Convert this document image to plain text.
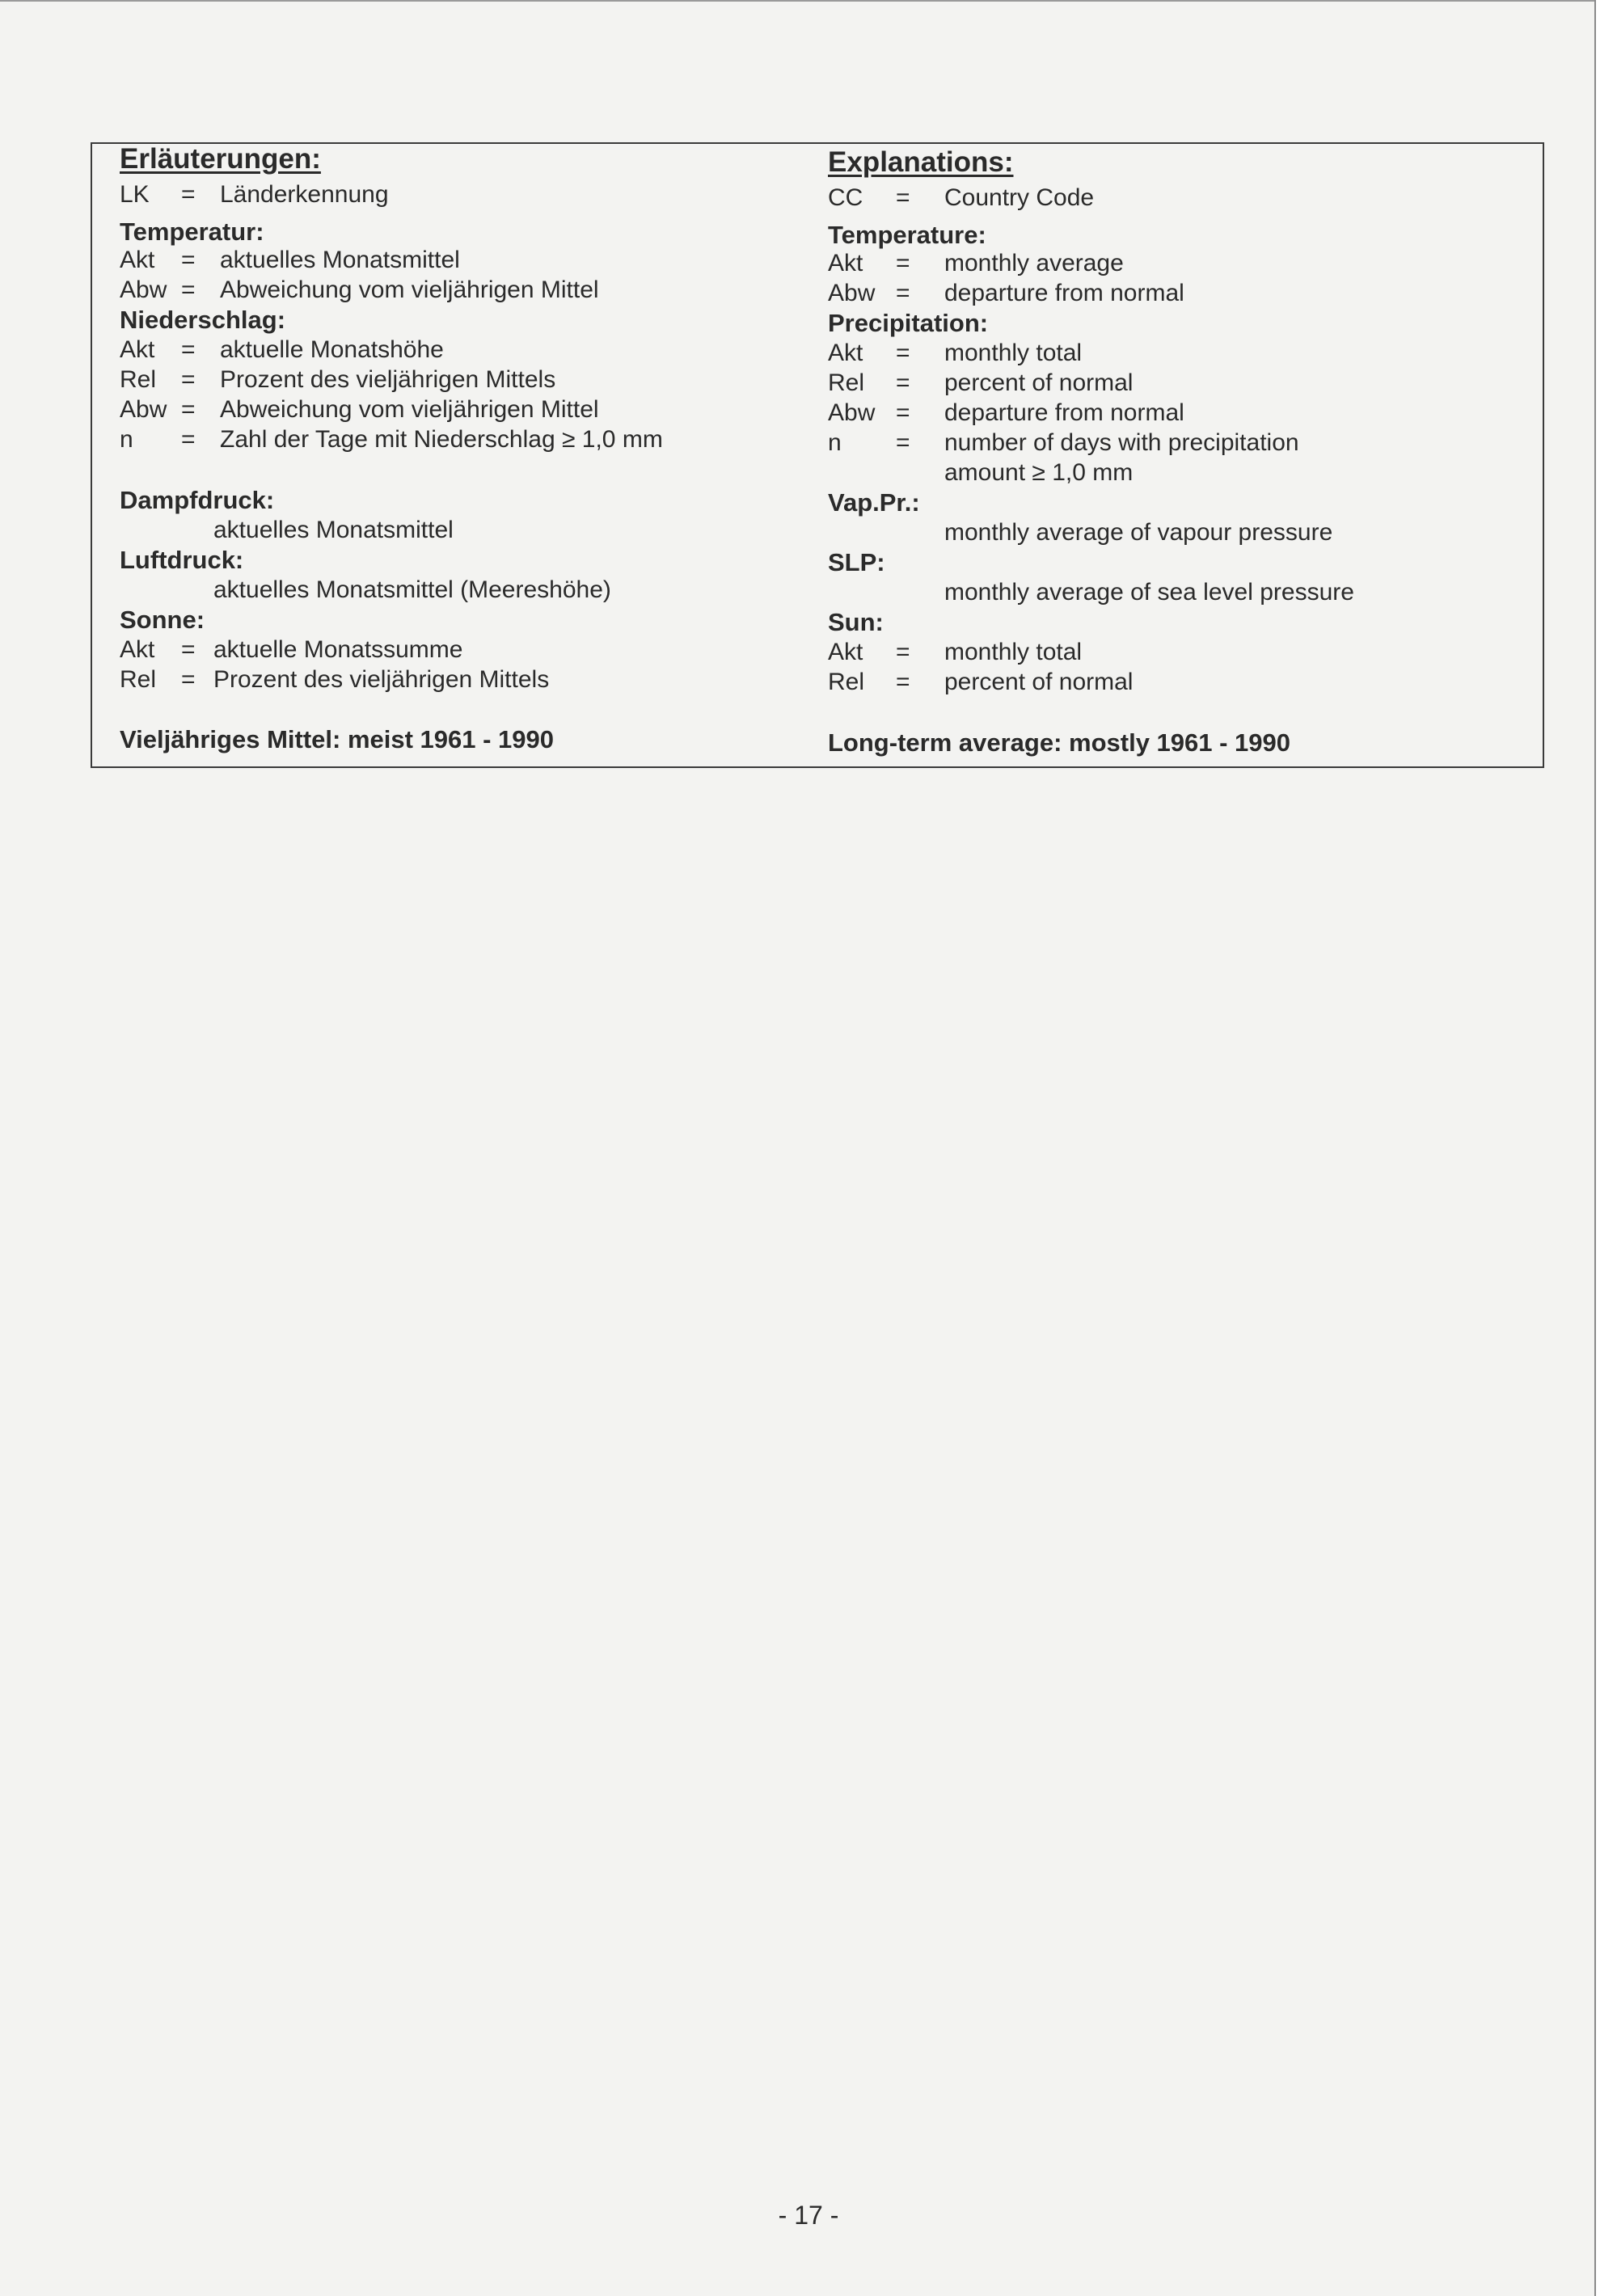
Erläuterungen:
LK = Länderkennung
Temperatur:
Akt = aktuelles Monatsmittel
Abw = Abweichung vom vieljährigen Mittel
Niederschlag:
Akt = aktuelle Monatshöhe
Rel = Prozent des vieljährigen Mittels
Abw = Abweichung vom vieljährigen Mittel
n = Zahl der Tage mit Niederschlag ≥ 1,0 mm
Dampfdruck:
aktuelles Monatsmittel
Luftdruck:
aktuelles Monatsmittel (Meereshöhe)
Sonne:
Akt = aktuelle Monatssumme
Rel = Prozent des vieljährigen Mittels
Vieljähriges Mittel: meist 1961 - 1990
Explanations:
CC = Country Code
Temperature:
Akt = monthly average
Abw = departure from normal
Precipitation:
Akt = monthly total
Rel = percent of normal
Abw = departure from normal
n = number of days with precipitation
amount ≥ 1,0 mm
Vap.Pr.:
monthly average of vapour pressure
SLP:
monthly average of sea level pressure
Sun:
Akt = monthly total
Rel = percent of normal
Long-term average: mostly 1961 - 1990
- 17 -
